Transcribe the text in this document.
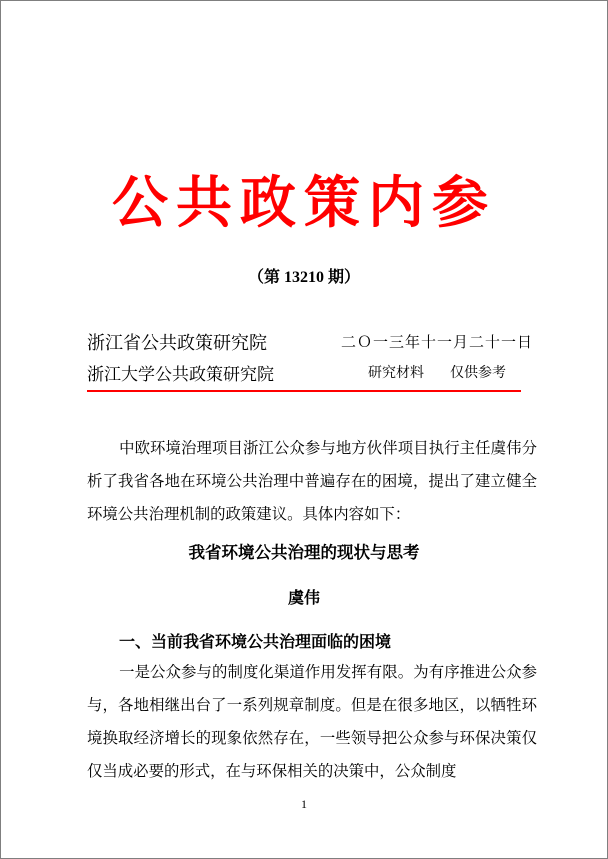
公共政策内参
（第 13210 期）
浙江省公共政策研究院	二Ｏ一三年十一月二十一日
浙江大学公共政策研究院	研究材料 仅供参考
中欧环境治理项目浙江公众参与地方伙伴项目执行主任虞伟分析了我省各地在环境公共治理中普遍存在的困境，提出了建立健全环境公共治理机制的政策建议。具体内容如下：
我省环境公共治理的现状与思考
虞伟
一、当前我省环境公共治理面临的困境
一是公众参与的制度化渠道作用发挥有限。为有序推进公众参与，各地相继出台了一系列规章制度。但是在很多地区，以牺牲环境换取经济增长的现象依然存在，一些领导把公众参与环保决策仅仅当成必要的形式，在与环保相关的决策中，公众制度
1
